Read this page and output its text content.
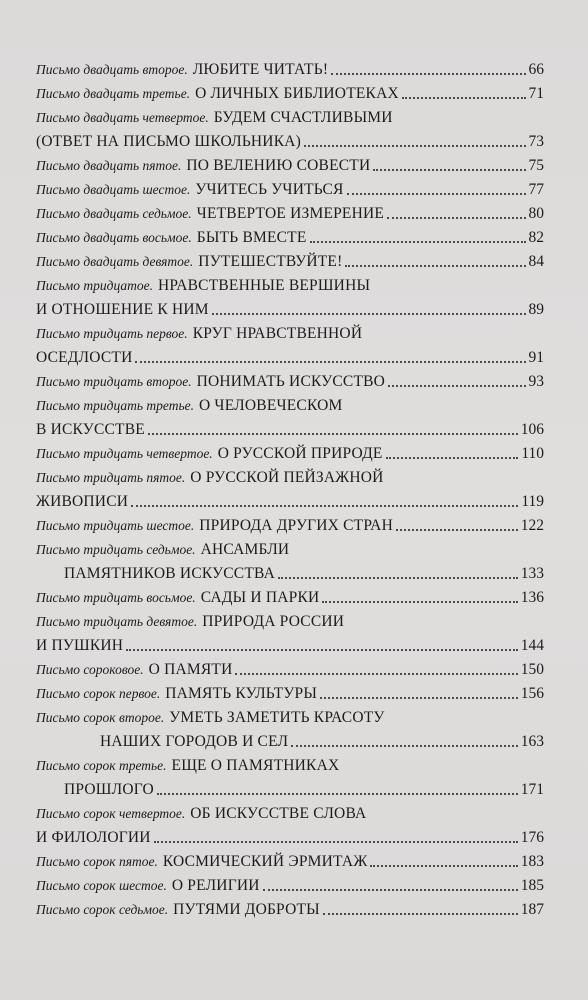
Письмо двадцать второе. ЛЮБИТЕ ЧИТАТЬ!	66
Письмо двадцать третье. О ЛИЧНЫХ БИБЛИОТЕКАХ	71
Письмо двадцать четвертое. БУДЕМ СЧАСТЛИВЫМИ
(ОТВЕТ НА ПИСЬМО ШКОЛЬНИКА)	73
Письмо двадцать пятое. ПО ВЕЛЕНИЮ СОВЕСТИ	75
Письмо двадцать шестое. УЧИТЕСЬ УЧИТЬСЯ	77
Письмо двадцать седьмое. ЧЕТВЕРТОЕ ИЗМЕРЕНИЕ	80
Письмо двадцать восьмое. БЫТЬ ВМЕСТЕ	82
Письмо двадцать девятое. ПУТЕШЕСТВУЙТЕ!	84
Письмо тридцатое. НРАВСТВЕННЫЕ ВЕРШИНЫ
И ОТНОШЕНИЕ К НИМ	89
Письмо тридцать первое. КРУГ НРАВСТВЕННОЙ
ОСЕДЛОСТИ	91
Письмо тридцать второе. ПОНИМАТЬ ИСКУССТВО	93
Письмо тридцать третье. О ЧЕЛОВЕЧЕСКОМ
В ИСКУССТВЕ	106
Письмо тридцать четвертое. О РУССКОЙ ПРИРОДЕ	110
Письмо тридцать пятое. О РУССКОЙ ПЕЙЗАЖНОЙ
ЖИВОПИСИ	119
Письмо тридцать шестое. ПРИРОДА ДРУГИХ СТРАН	122
Письмо тридцать седьмое. АНСАМБЛИ
ПАМЯТНИКОВ ИСКУССТВА	133
Письмо тридцать восьмое. САДЫ И ПАРКИ	136
Письмо тридцать девятое. ПРИРОДА РОССИИ
И ПУШКИН	144
Письмо сороковое. О ПАМЯТИ	150
Письмо сорок первое. ПАМЯТЬ КУЛЬТУРЫ	156
Письмо сорок второе. УМЕТЬ ЗАМЕТИТЬ КРАСОТУ
НАШИХ ГОРОДОВ И СЕЛ	163
Письмо сорок третье. ЕЩЕ О ПАМЯТНИКАХ
ПРОШЛОГО	171
Письмо сорок четвертое. ОБ ИСКУССТВЕ СЛОВА
И ФИЛОЛОГИИ	176
Письмо сорок пятое. КОСМИЧЕСКИЙ ЭРМИТАЖ	183
Письмо сорок шестое. О РЕЛИГИИ	185
Письмо сорок седьмое. ПУТЯМИ ДОБРОТЫ	187
